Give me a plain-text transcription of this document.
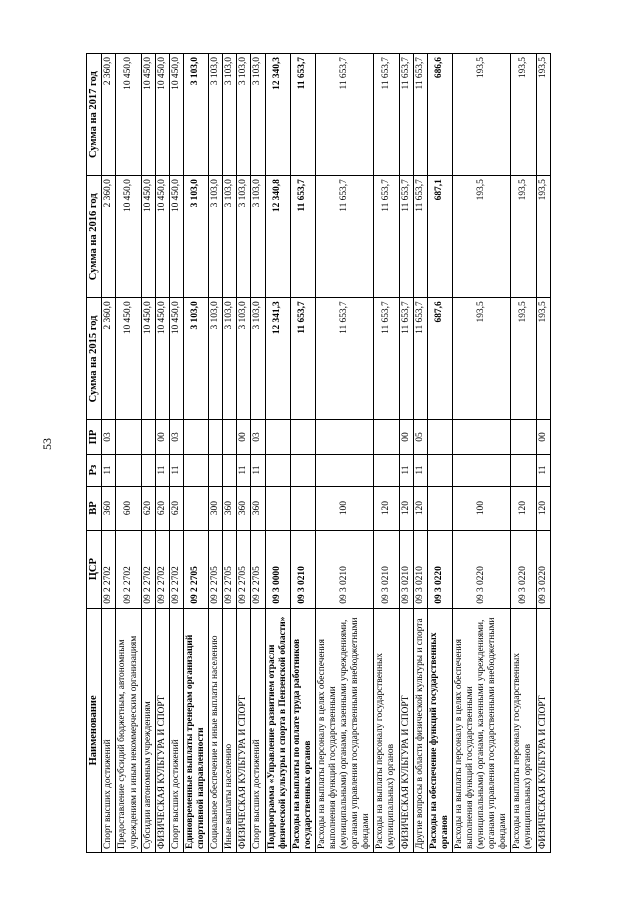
53
Наименование	ЦСР	ВР	Рз	ПР	Сумма на 2015 год	Сумма на 2016 год	Сумма на 2017 год
Спорт высших достижений	09 2 2702	360	11	03	2 360,0	2 360,0	2 360,0
Предоставление субсидий бюджетным, автономным учреждениям и иным некоммерческим организациям	09 2 2702	600			10 450,0	10 450,0	10 450,0
Субсидии автономным учреждениям	09 2 2702	620			10 450,0	10 450,0	10 450,0
ФИЗИЧЕСКАЯ КУЛЬТУРА И СПОРТ	09 2 2702	620	11	00	10 450,0	10 450,0	10 450,0
Спорт высших достижений	09 2 2702	620	11	03	10 450,0	10 450,0	10 450,0
Единовременные выплаты тренерам организаций спортивной направленности	09 2 2705				3 103,0	3 103,0	3 103,0
Социальное обеспечение и иные выплаты населению	09 2 2705	300			3 103,0	3 103,0	3 103,0
Иные выплаты населению	09 2 2705	360			3 103,0	3 103,0	3 103,0
ФИЗИЧЕСКАЯ КУЛЬТУРА И СПОРТ	09 2 2705	360	11	00	3 103,0	3 103,0	3 103,0
Спорт высших достижений	09 2 2705	360	11	03	3 103,0	3 103,0	3 103,0
Подпрограмма «Управление развитием отрасли физической культуры и спорта в Пензенской области»	09 3 0000				12 341,3	12 340,8	12 340,3
Расходы на выплаты по оплате труда работников государственных органов	09 3 0210				11 653,7	11 653,7	11 653,7
Расходы на выплаты персоналу в целях обеспечения выполнения функций государственными (муниципальными) органами, казенными учреждениями, органами управления государственными внебюджетными фондами	09 3 0210	100			11 653,7	11 653,7	11 653,7
Расходы на выплаты персоналу государственных (муниципальных) органов	09 3 0210	120			11 653,7	11 653,7	11 653,7
ФИЗИЧЕСКАЯ КУЛЬТУРА И СПОРТ	09 3 0210	120	11	00	11 653,7	11 653,7	11 653,7
Другие вопросы в области физической культуры и спорта	09 3 0210	120	11	05	11 653,7	11 653,7	11 653,7
Расходы на обеспечение функций государственных органов	09 3 0220				687,6	687,1	686,6
Расходы на выплаты персоналу в целях обеспечения выполнения функций государственными (муниципальными) органами, казенными учреждениями, органами управления государственными внебюджетными фондами	09 3 0220	100			193,5	193,5	193,5
Расходы на выплаты персоналу государственных (муниципальных) органов	09 3 0220	120			193,5	193,5	193,5
ФИЗИЧЕСКАЯ КУЛЬТУРА И СПОРТ	09 3 0220	120	11	00	193,5	193,5	193,5
